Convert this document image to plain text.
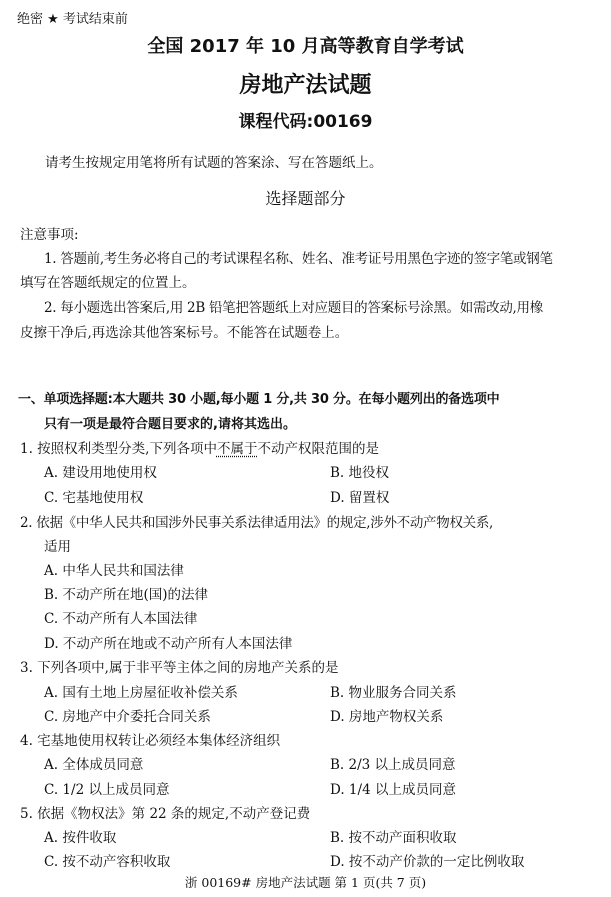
绝密 ★ 考试结束前
全国 2017 年 10 月高等教育自学考试
房地产法试题
课程代码:00169
请考生按规定用笔将所有试题的答案涂、写在答题纸上。
选择题部分
注意事项:
1. 答题前,考生务必将自己的考试课程名称、姓名、准考证号用黑色字迹的签字笔或钢笔
填写在答题纸规定的位置上。
2. 每小题选出答案后,用 2B 铅笔把答题纸上对应题目的答案标号涂黑。如需改动,用橡
皮擦干净后,再选涂其他答案标号。不能答在试题卷上。
一、单项选择题:本大题共 30 小题,每小题 1 分,共 30 分。在每小题列出的备选项中
只有一项是最符合题目要求的,请将其选出。
1. 按照权利类型分类,下列各项中不属于不动产权限范围的是
A. 建设用地使用权	B. 地役权
C. 宅基地使用权	D. 留置权
2. 依据《中华人民共和国涉外民事关系法律适用法》的规定,涉外不动产物权关系,
适用
A. 中华人民共和国法律
B. 不动产所在地(国)的法律
C. 不动产所有人本国法律
D. 不动产所在地或不动产所有人本国法律
3. 下列各项中,属于非平等主体之间的房地产关系的是
A. 国有土地上房屋征收补偿关系	B. 物业服务合同关系
C. 房地产中介委托合同关系	D. 房地产物权关系
4. 宅基地使用权转让必须经本集体经济组织
A. 全体成员同意	B. 2/3 以上成员同意
C. 1/2 以上成员同意	D. 1/4 以上成员同意
5. 依据《物权法》第 22 条的规定,不动产登记费
A. 按件收取	B. 按不动产面积收取
C. 按不动产容积收取	D. 按不动产价款的一定比例收取
浙 00169# 房地产法试题 第 1 页(共 7 页)
